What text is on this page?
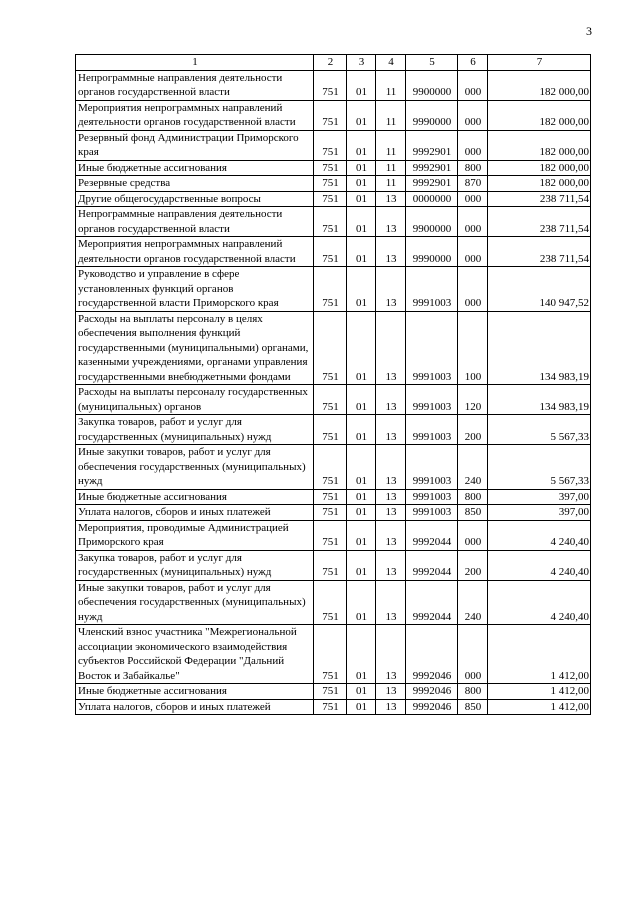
3
1	2	3	4	5	6	7
Непрограммные направления деятельности органов государственной власти	751	01	11	9900000	000	182 000,00
Мероприятия непрограммных направлений деятельности органов государственной власти	751	01	11	9990000	000	182 000,00
Резервный фонд Администрации Приморского края	751	01	11	9992901	000	182 000,00
Иные бюджетные ассигнования	751	01	11	9992901	800	182 000,00
Резервные средства	751	01	11	9992901	870	182 000,00
Другие общегосударственные вопросы	751	01	13	0000000	000	238 711,54
Непрограммные направления деятельности органов государственной власти	751	01	13	9900000	000	238 711,54
Мероприятия непрограммных направлений деятельности органов государственной власти	751	01	13	9990000	000	238 711,54
Руководство и управление в сфере установленных функций органов государственной власти Приморского края	751	01	13	9991003	000	140 947,52
Расходы на выплаты персоналу в целях обеспечения выполнения функций государственными (муниципальными) органами, казенными учреждениями, органами управления государственными внебюджетными фондами	751	01	13	9991003	100	134 983,19
Расходы на выплаты персоналу государственных (муниципальных) органов	751	01	13	9991003	120	134 983,19
Закупка товаров, работ и услуг для государственных (муниципальных) нужд	751	01	13	9991003	200	5 567,33
Иные закупки товаров, работ и услуг для обеспечения государственных (муниципальных) нужд	751	01	13	9991003	240	5 567,33
Иные бюджетные ассигнования	751	01	13	9991003	800	397,00
Уплата налогов, сборов и иных платежей	751	01	13	9991003	850	397,00
Мероприятия, проводимые Администрацией Приморского края	751	01	13	9992044	000	4 240,40
Закупка товаров, работ и услуг для государственных (муниципальных) нужд	751	01	13	9992044	200	4 240,40
Иные закупки товаров, работ и услуг для обеспечения государственных (муниципальных) нужд	751	01	13	9992044	240	4 240,40
Членский взнос участника "Межрегиональной ассоциации экономического взаимодействия субъектов Российской Федерации "Дальний Восток и Забайкалье"	751	01	13	9992046	000	1 412,00
Иные бюджетные ассигнования	751	01	13	9992046	800	1 412,00
Уплата налогов, сборов и иных платежей	751	01	13	9992046	850	1 412,00
